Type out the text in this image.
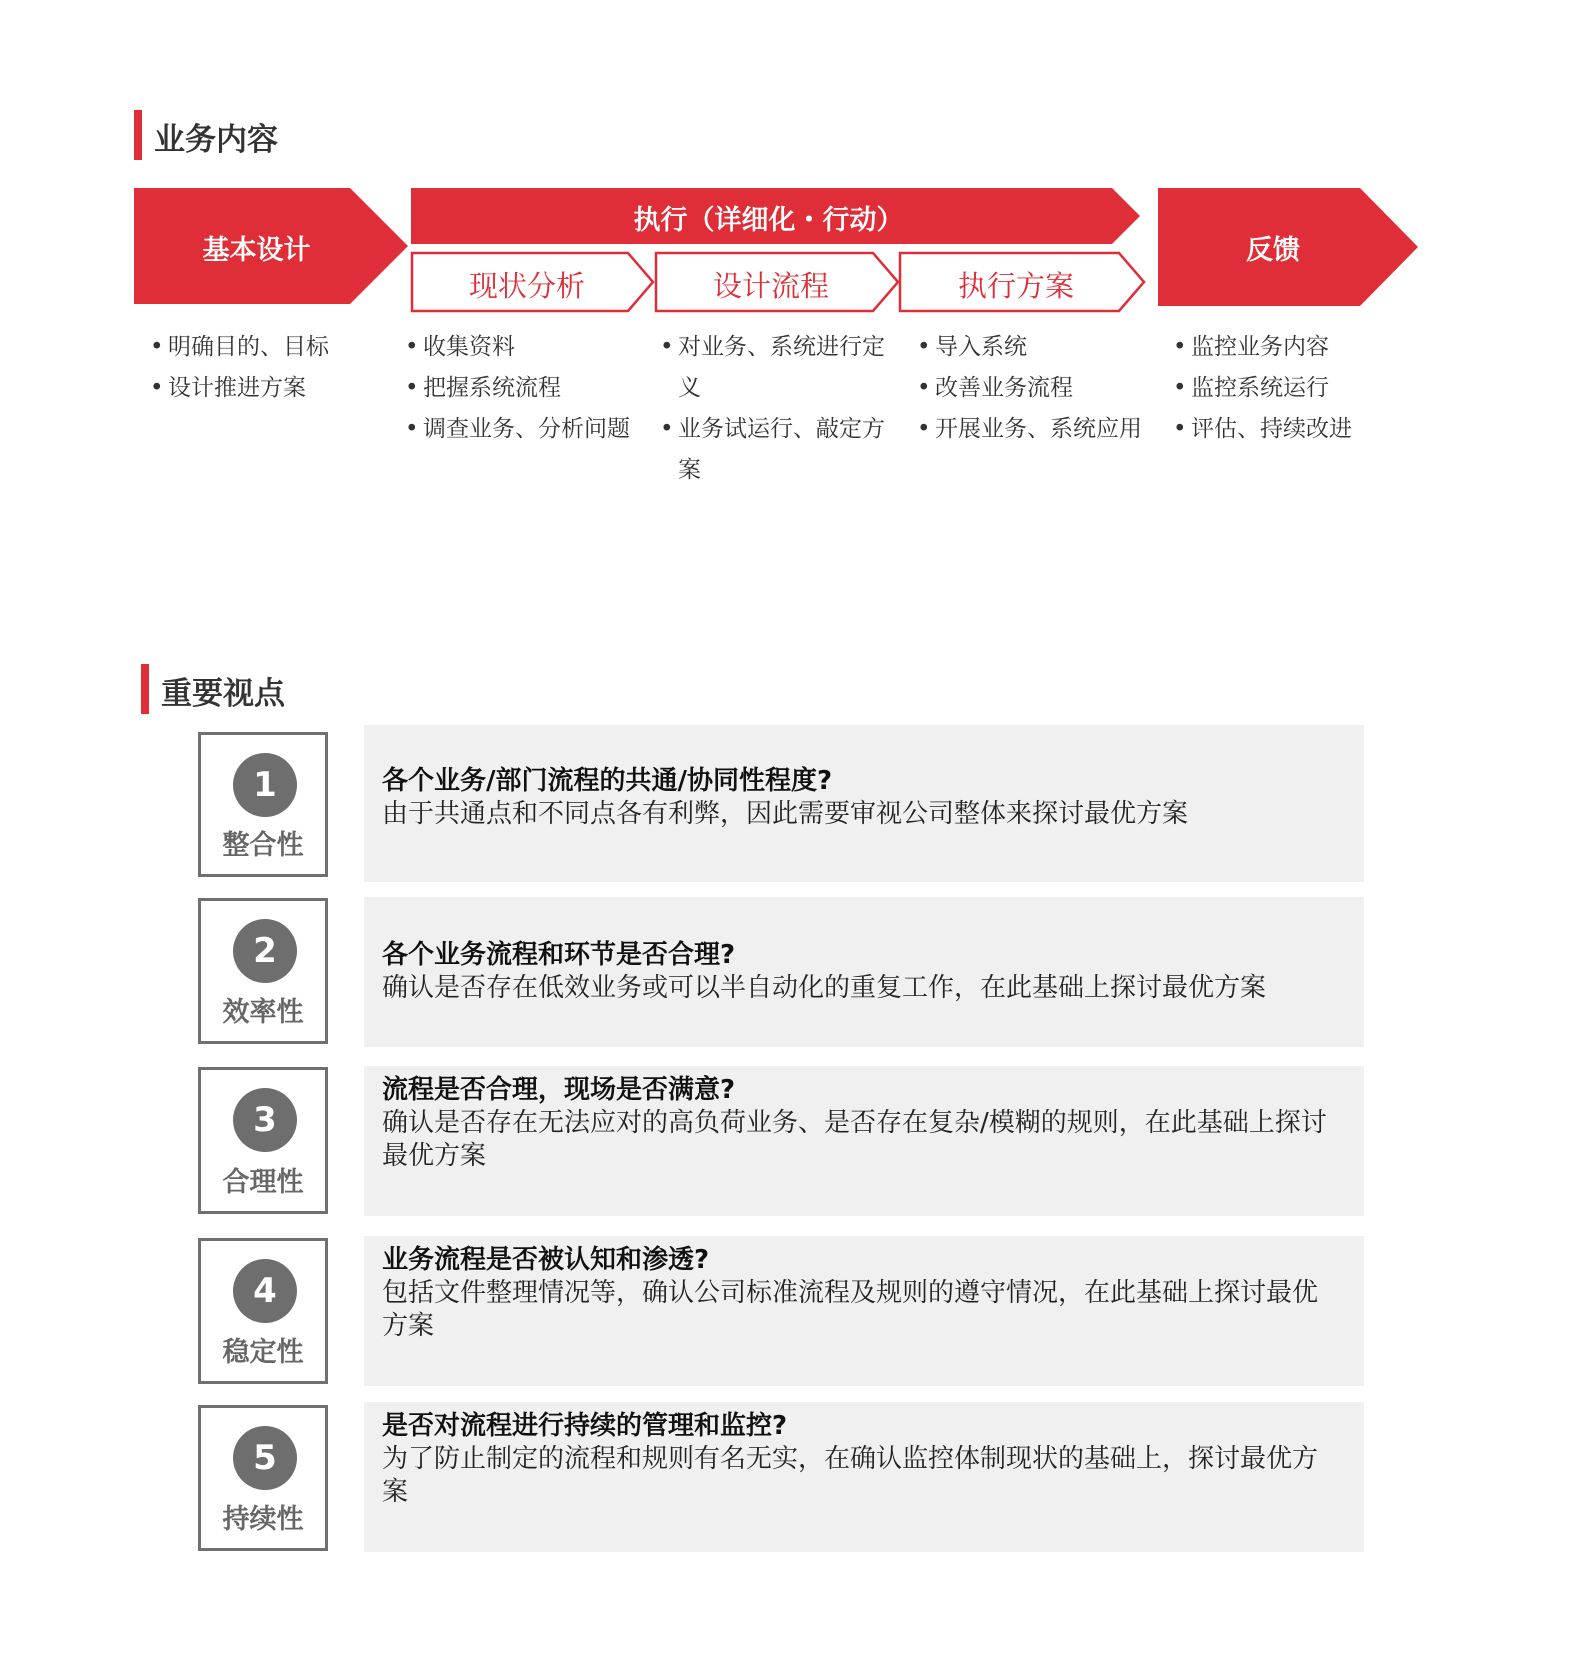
业务内容
基本设计
执行（详细化・行动）
现状分析	设计流程	执行方案
反馈
• 明确目的、目标
• 设计推进方案
• 收集资料
• 把握系统流程
• 调查业务、分析问题
• 对业务、系统进行定义
• 业务试运行、敲定方案
• 导入系统
• 改善业务流程
• 开展业务、系统应用
• 监控业务内容
• 监控系统运行
• 评估、持续改进
重要视点
1
整合性
各个业务/部门流程的共通/协同性程度?
由于共通点和不同点各有利弊，因此需要审视公司整体来探讨最优方案
2
效率性
各个业务流程和环节是否合理?
确认是否存在低效业务或可以半自动化的重复工作，在此基础上探讨最优方案
3
合理性
流程是否合理，现场是否满意?
确认是否存在无法应对的高负荷业务、是否存在复杂/模糊的规则，在此基础上探讨最优方案
4
稳定性
业务流程是否被认知和渗透?
包括文件整理情况等，确认公司标准流程及规则的遵守情况，在此基础上探讨最优方案
5
持续性
是否对流程进行持续的管理和监控?
为了防止制定的流程和规则有名无实，在确认监控体制现状的基础上，探讨最优方案
